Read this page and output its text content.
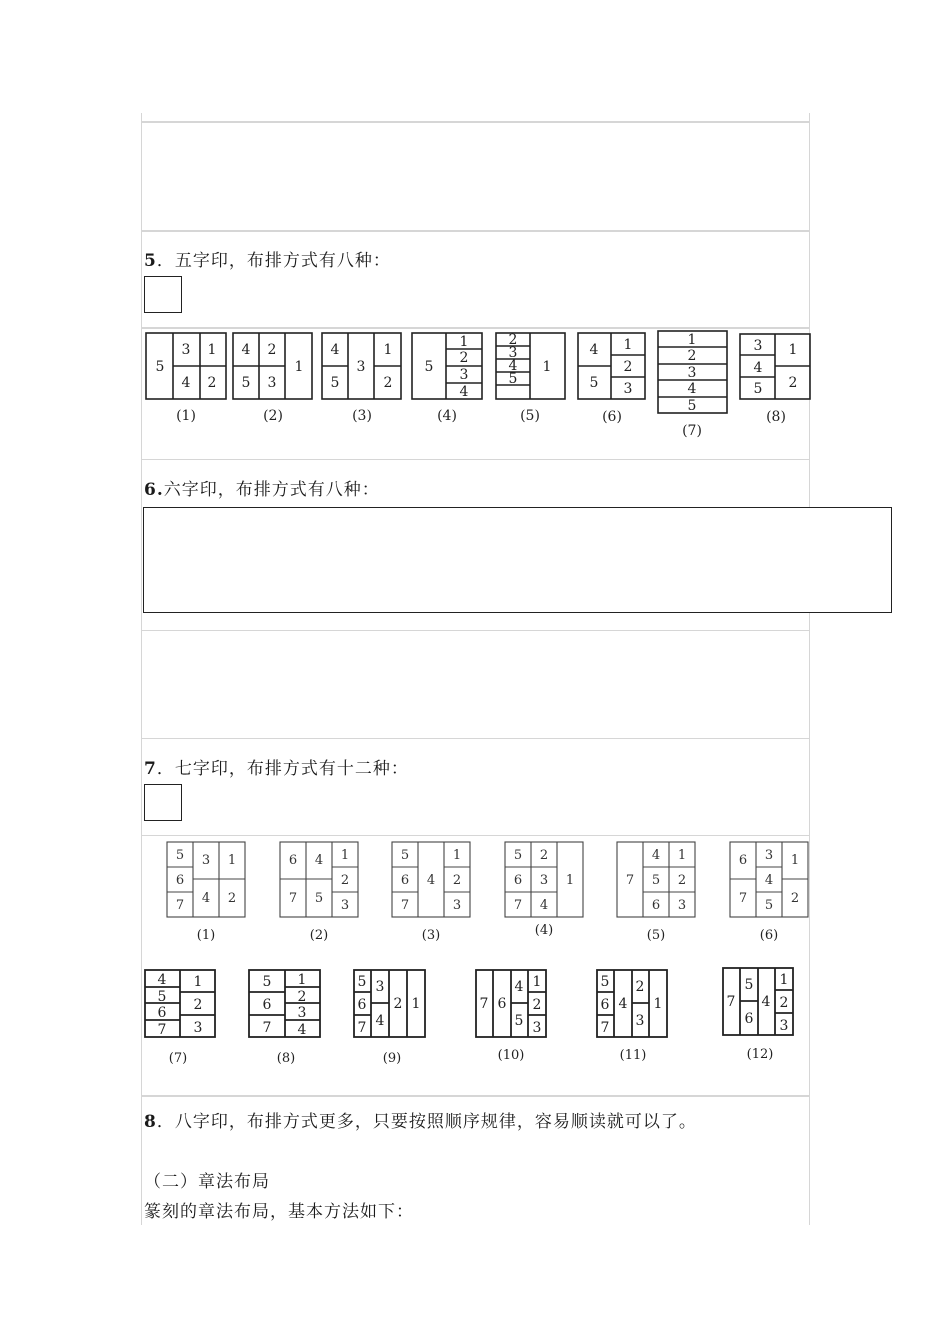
5．五字印，布排方式有八种：
5
3 1
4 2
4 2
5 3
1
4
5
3
1
2
5
1
2
3
4
2
3
4
5
1
4
5
1
2
3
1
2
3
4
5
3
4
5
1
2
(1)	(2)	(3)	(4)	(5)	(6)
(7)
(8)
6.六字印，布排方式有八种：
7．七字印，布排方式有十二种：
5 3 1
6
7 4 2
6 4 1
2
7 5 3
5
6
7
4
1
2
3
5 2
6 3
7 4
1	7
4 1
5 2
6 3
6 3 1
4
7 5 2
4
5
6
7
1
2
3
5
6
7
1
2
3
4
5
6
7
3
4
2 1	7 6
4
5
1
2
3
5
6
7
4
2
3
1	7
5
6
4
1
2
3
(1)	(2)	(3)	(4)	(5)	(6)
(7)	(8)	(9)	(10)	(11)	(12)
8．八字印，布排方式更多，只要按照顺序规律，容易顺读就可以了。
（二）章法布局
篆刻的章法布局，基本方法如下：
